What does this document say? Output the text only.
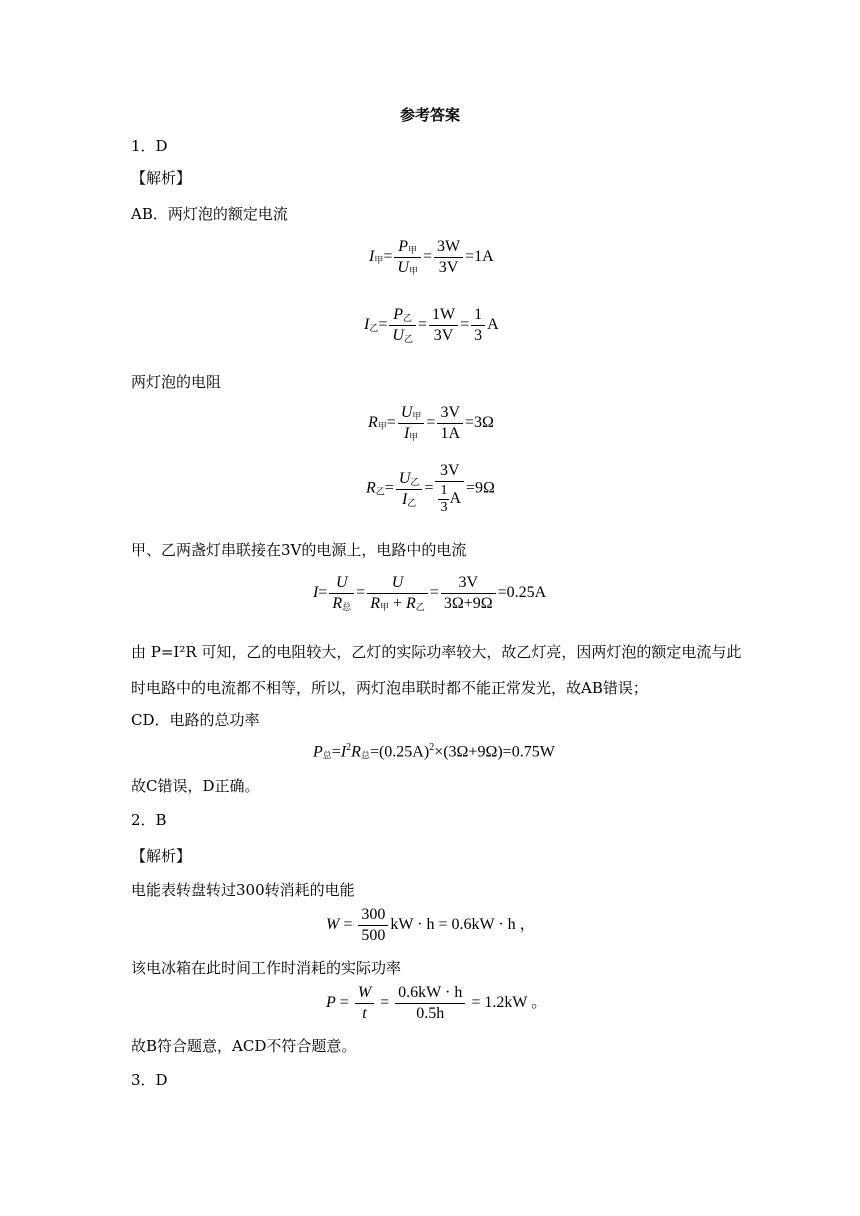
参考答案
1．D
【解析】
AB．两灯泡的额定电流
I甲= $\frac{\text{P甲}}{\text{U甲}} = \frac{3W}{3V} =1A$
I乙= $\frac{\text{P乙}}{\text{U乙}} = \frac{1W}{3V} = \frac{1}{3}$ A
两灯泡的电阻
R甲= $\frac{\text{U甲}}{\text{I甲}} = \frac{3V}{1A} =3\Omega$
R乙= $\frac{\text{U乙}}{\text{I乙}} = \frac{3V}{\frac{1}{3} A} =9\Omega$
甲、乙两盏灯串联接在3V的电源上，电路中的电流
$I= \frac{U}{\text{R总}} = \frac{U}{\text{R甲 + R乙}} = \frac{3V}{3\Omega+9\Omega} =0.25A$
由 P=I²R 可知，乙的电阻较大，乙灯的实际功率较大，故乙灯亮，因两灯泡的额定电流与此
时电路中的电流都不相等，所以，两灯泡串联时都不能正常发光，故AB错误；
CD．电路的总功率
P总$=I^2R$总$=(0.25A)^2\times(3\Omega+9\Omega)=0.75W$
故C错误，D正确。
2．B
【解析】
电能表转盘转过300转消耗的电能
$W = \frac{300}{500}$ kW · h = 0.6kW · h ，
该电冰箱在此时间工作时消耗的实际功率
$P = \frac{W}{t} = \frac{0.6kW \cdot h}{0.5h} = 1.2kW$ 。
故B符合题意，ACD不符合题意。
3．D
